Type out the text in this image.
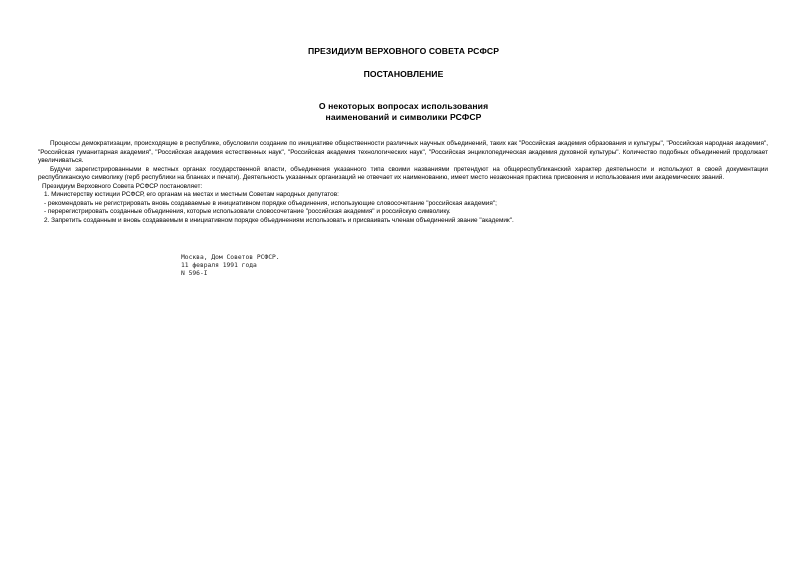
ПРЕЗИДИУМ ВЕРХОВНОГО СОВЕТА РСФСР
ПОСТАНОВЛЕНИЕ
О некоторых вопросах использования
наименований и символики РСФСР

Процессы демократизации, происходящие в республике, обусловили создание по инициативе общественности различных научных объединений, таких как "Российская академия образования и культуры", "Российская народная академия", "Российская гуманитарная академия", "Российская академия естественных наук", "Российская академия технологических наук", "Российская энциклопедическая академия духовной культуры". Количество подобных объединений продолжает увеличиваться.

Будучи зарегистрированными в местных органах государственной власти, объединения указанного типа своими названиями претендуют на общереспубликанский характер деятельности и используют в своей документации республиканскую символику (герб республики на бланках и печати). Деятельность указанных организаций не отвечает их наименованию, имеет место незаконная практика присвоения и использования ими академических званий.

Президиум Верховного Совета РСФСР постановляет:

1. Министерству юстиции РСФСР, его органам на местах и местным Советам народных депутатов:

- рекомендовать не регистрировать вновь создаваемые в инициативном порядке объединения, использующие словосочетание "российская академия";

- перерегистрировать созданные объединения, которые использовали словосочетание "российская академия" и российскую символику.

2. Запретить созданным и вновь создаваемым в инициативном порядке объединениям использовать и присваивать членам объединений звание "академик".

Москва, Дом Советов РСФСР.
11 февраля 1991 года
N 596-I
